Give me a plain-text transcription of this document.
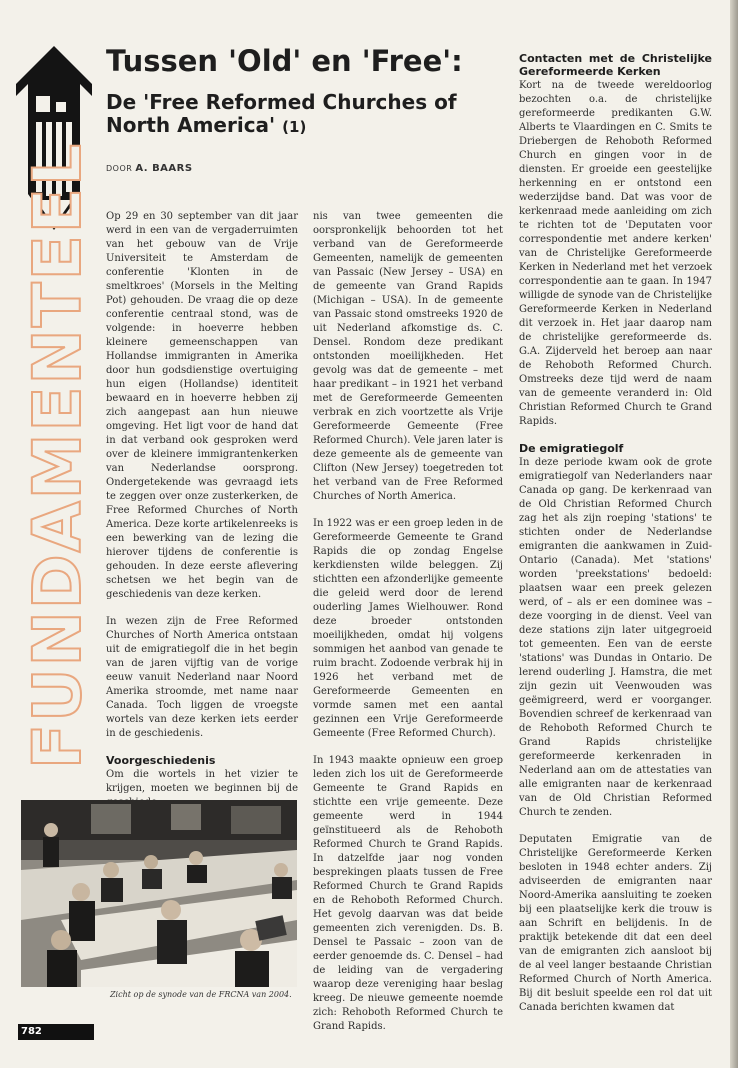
FUNDAMENTEEL
Tussen 'Old' en 'Free':
De 'Free Reformed Churches of North America' (1)
DOOR A. BAARS

Op 29 en 30 september van dit jaar werd in een van de vergaderruimten van het gebouw van de Vrije Universiteit te Amsterdam de conferentie 'Klonten in de smeltkroes' (Morsels in the Melting Pot) gehouden. De vraag die op deze conferentie centraal stond, was de volgende: in hoeverre hebben kleinere gemeenschappen van Hollandse immigranten in Amerika door hun godsdienstige overtuiging hun eigen (Hollandse) identiteit bewaard en in hoeverre hebben zij zich aangepast aan hun nieuwe omgeving. Het ligt voor de hand dat in dat verband ook gesproken werd over de kleinere immigrantenkerken van Nederlandse oorsprong. Ondergetekende was gevraagd iets te zeggen over onze zusterkerken, de Free Reformed Churches of North America. Deze korte artikelenreeks is een bewerking van de lezing die hierover tijdens de conferentie is gehouden. In deze eerste aflevering schetsen we het begin van de geschiedenis van deze kerken.

In wezen zijn de Free Reformed Churches of North America ontstaan uit de emigratiegolf die in het begin van de jaren vijftig van de vorige eeuw vanuit Nederland naar Noord Amerika stroomde, met name naar Canada. Toch liggen de vroegste wortels van deze kerken iets eerder in de geschiedenis.

Voorgeschiedenis

Om die wortels in het vizier te krijgen, moeten we beginnen bij de

nis van twee gemeenten die oorspronkelijk behoorden tot het verband van de Gereformeerde Gemeenten, namelijk de gemeenten van Passaic (New Jersey – USA) en de gemeente van Grand Rapids (Michigan – USA). In de gemeente van Passaic stond omstreeks 1920 de uit Nederland afkomstige ds. C. Densel. Rondom deze predikant ontstonden moeilijkheden. Het gevolg was dat de gemeente – met haar predikant – in 1921 het verband met de Gereformeerde Gemeenten verbrak en zich voortzette als Vrije Gereformeerde Gemeente (Free Reformed Church). Vele jaren later is deze gemeente als de gemeente van Clifton (New Jersey) toegetreden tot het verband van de Free Reformed Churches of North America.

In 1922 was er een groep leden in de Gereformeerde Gemeente te Grand Rapids die op zondag Engelse kerkdiensten wilde beleggen. Zij stichtten een afzonderlijke gemeente die geleid werd door de lerend ouderling James Wielhouwer. Rond deze broeder ontstonden moeilijkheden, omdat hij volgens sommigen het aanbod van genade te ruim bracht. Zodoende verbrak hij in 1926 het verband met de Gereformeerde Gemeenten en vormde samen met een aantal gezinnen een Vrije Gereformeerde Gemeente (Free Reformed Church).

In 1943 maakte opnieuw een groep leden zich los uit de Gereformeerde Gemeente te Grand Rapids en stichtte een vrije gemeente. Deze gemeente werd in 1944 geïnstitueerd als de Rehoboth Reformed Church te Grand Rapids. In datzelfde jaar nog vonden besprekingen plaats tussen de Free Reformed Church te Grand Rapids en de Rehoboth Reformed Church. Het gevolg daarvan was dat beide gemeenten zich verenigden. Ds. B. Densel te Passaic – zoon van de eerder genoemde ds. C. Densel – had de leiding van de vergadering waarop deze vereniging haar beslag kreeg. De nieuwe gemeente noemde zich: Rehoboth Reformed Church te Grand Rapids.

Contacten met de Christelijke Gereformeerde Kerken

Kort na de tweede wereldoorlog bezochten o.a. de christelijke gereformeerde predikanten G.W. Alberts te Vlaardingen en C. Smits te Driebergen de Rehoboth Reformed Church en gingen voor in de diensten. Er groeide een geestelijke herkenning en er ontstond een wederzijdse band. Dat was voor de kerkenraad mede aanleiding om zich te richten tot de 'Deputaten voor correspondentie met andere kerken' van de Christelijke Gereformeerde Kerken in Nederland met het verzoek correspondentie aan te gaan. In 1947 willigde de synode van de Christelijke Gereformeerde Kerken in Nederland dit verzoek in. Het jaar daarop nam de christelijke gereformeerde ds. G.A. Zijderveld het beroep aan naar de Rehoboth Reformed Church. Omstreeks deze tijd werd de naam van de gemeente veranderd in: Old Christian Reformed Church te Grand Rapids.

De emigratiegolf

In deze periode kwam ook de grote emigratiegolf van Nederlanders naar Canada op gang. De kerkenraad van de Old Christian Reformed Church zag het als zijn roeping 'stations' te stichten onder de Nederlandse emigranten die aankwamen in Zuid-Ontario (Canada). Met 'stations' worden 'preekstations' bedoeld: plaatsen waar een preek gelezen werd, of – als er een dominee was – deze voorging in de dienst. Veel van deze stations zijn later uitgegroeid tot gemeenten. Een van de eerste 'stations' was Dundas in Ontario. De lerend ouderling J. Hamstra, die met zijn gezin uit Veenwouden was geëmigreerd, werd er voorganger. Bovendien schreef de kerkenraad van de Rehoboth Reformed Church te Grand Rapids christelijke gereformeerde kerkenraden in Nederland aan om de attestaties van alle emigranten naar de kerkenraad van de Old Christian Reformed Church te zenden.

Deputaten Emigratie van de Christelijke Gereformeerde Kerken besloten in 1948 echter anders. Zij adviseerden de emigranten naar Noord-Amerika aansluiting te zoeken bij een plaatselijke kerk die trouw is aan Schrift en belijdenis. In de praktijk betekende dit dat een deel van de emigranten zich aansloot bij de al veel langer bestaande Christian Reformed Church of North America. Bij dit besluit speelde een rol dat uit Canada berichten kwamen dat

Zicht op de synode van de FRCNA van 2004.
782
